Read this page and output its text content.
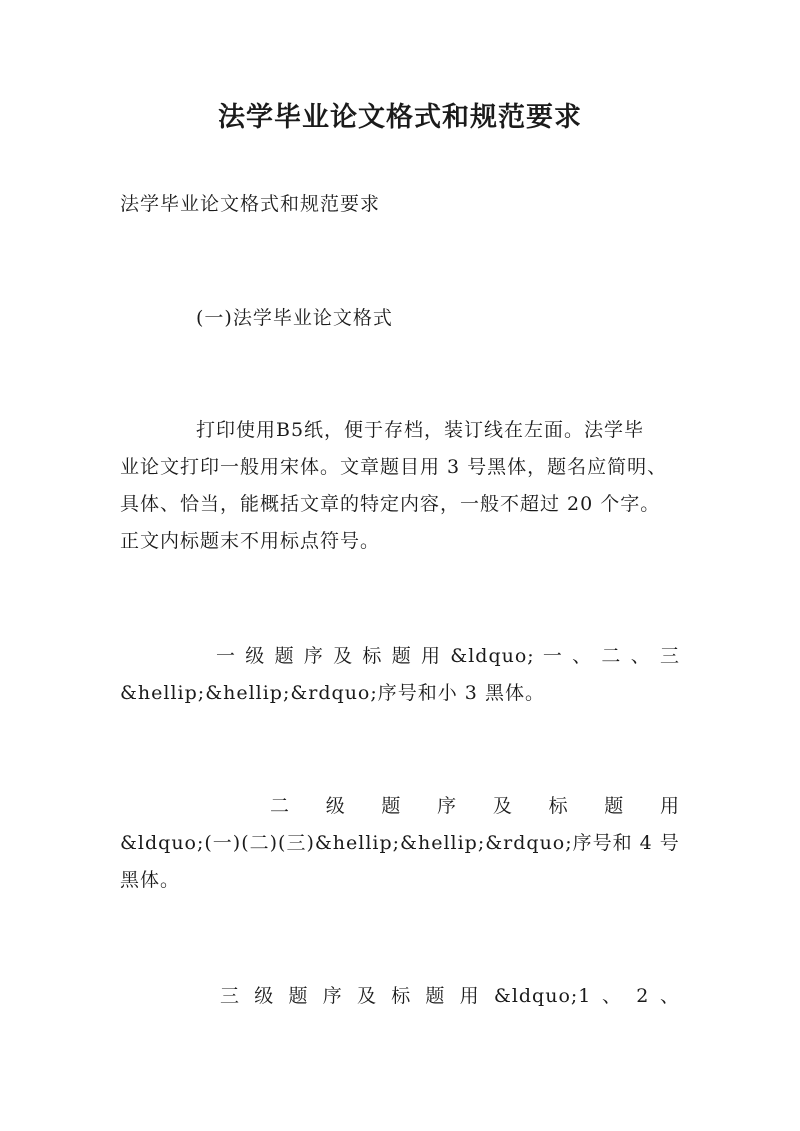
法学毕业论文格式和规范要求
法学毕业论文格式和规范要求
(一)法学毕业论文格式
打印使用B5纸，便于存档，装订线在左面。法学毕
业论文打印一般用宋体。文章题目用 3 号黑体，题名应简明、
具体、恰当，能概括文章的特定内容，一般不超过 20 个字。
正文内标题末不用标点符号。
一 级 题 序 及 标 题 用 &ldquo; 一 、 二 、 三
&hellip;&hellip;&rdquo;序号和小 3 黑体。
二 级 题 序 及 标 题 用
&ldquo;(一)(二)(三)&hellip;&hellip;&rdquo;序号和 4 号
黑体。
三 级 题 序 及 标 题 用 &ldquo;1 、 2 、
